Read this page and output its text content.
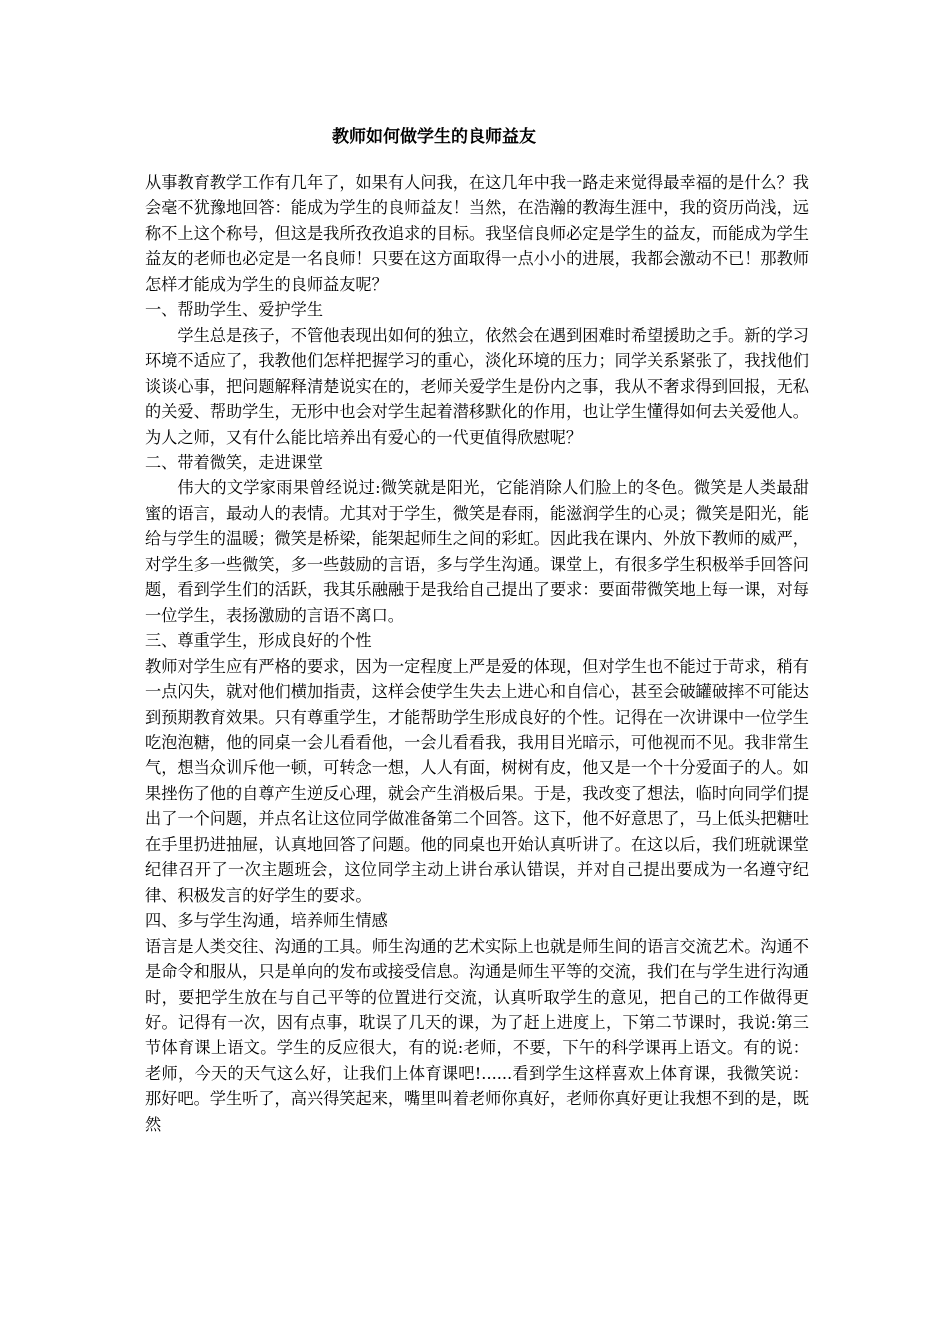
教师如何做学生的良师益友

从事教育教学工作有几年了，如果有人问我，在这几年中我一路走来觉得最幸福的是什么？我会毫不犹豫地回答：能成为学生的良师益友！当然，在浩瀚的教海生涯中，我的资历尚浅，远称不上这个称号，但这是我所孜孜追求的目标。我坚信良师必定是学生的益友，而能成为学生益友的老师也必定是一名良师！只要在这方面取得一点小小的进展，我都会激动不已！那教师怎样才能成为学生的良师益友呢？

一、帮助学生、爱护学生

学生总是孩子，不管他表现出如何的独立，依然会在遇到困难时希望援助之手。新的学习环境不适应了，我教他们怎样把握学习的重心，淡化环境的压力；同学关系紧张了，我找他们谈谈心事，把问题解释清楚说实在的，老师关爱学生是份内之事，我从不奢求得到回报，无私的关爱、帮助学生，无形中也会对学生起着潜移默化的作用，也让学生懂得如何去关爱他人。为人之师，又有什么能比培养出有爱心的一代更值得欣慰呢？

二、带着微笑，走进课堂

伟大的文学家雨果曾经说过:微笑就是阳光，它能消除人们脸上的冬色。微笑是人类最甜蜜的语言，最动人的表情。尤其对于学生，微笑是春雨，能滋润学生的心灵；微笑是阳光，能给与学生的温暖；微笑是桥梁，能架起师生之间的彩虹。因此我在课内、外放下教师的威严，对学生多一些微笑，多一些鼓励的言语，多与学生沟通。课堂上，有很多学生积极举手回答问题，看到学生们的活跃，我其乐融融于是我给自己提出了要求：要面带微笑地上每一课，对每一位学生，表扬激励的言语不离口。

三、尊重学生，形成良好的个性

教师对学生应有严格的要求，因为一定程度上严是爱的体现，但对学生也不能过于苛求，稍有一点闪失，就对他们横加指责，这样会使学生失去上进心和自信心，甚至会破罐破摔不可能达到预期教育效果。只有尊重学生，才能帮助学生形成良好的个性。记得在一次讲课中一位学生吃泡泡糖，他的同桌一会儿看看他，一会儿看看我，我用目光暗示，可他视而不见。我非常生气，想当众训斥他一顿，可转念一想，人人有面，树树有皮，他又是一个十分爱面子的人。如果挫伤了他的自尊产生逆反心理，就会产生消极后果。于是，我改变了想法，临时向同学们提出了一个问题，并点名让这位同学做准备第二个回答。这下，他不好意思了，马上低头把糖吐在手里扔进抽屉，认真地回答了问题。他的同桌也开始认真听讲了。在这以后，我们班就课堂纪律召开了一次主题班会，这位同学主动上讲台承认错误，并对自己提出要成为一名遵守纪律、积极发言的好学生的要求。

四、多与学生沟通，培养师生情感

语言是人类交往、沟通的工具。师生沟通的艺术实际上也就是师生间的语言交流艺术。沟通不是命令和服从，只是单向的发布或接受信息。沟通是师生平等的交流，我们在与学生进行沟通时，要把学生放在与自己平等的位置进行交流，认真听取学生的意见，把自己的工作做得更好。记得有一次，因有点事，耽误了几天的课，为了赶上进度上，下第二节课时，我说:第三节体育课上语文。学生的反应很大，有的说:老师，不要，下午的科学课再上语文。有的说：老师，今天的天气这么好，让我们上体育课吧!......看到学生这样喜欢上体育课，我微笑说：那好吧。学生听了，高兴得笑起来，嘴里叫着老师你真好，老师你真好更让我想不到的是，既然
